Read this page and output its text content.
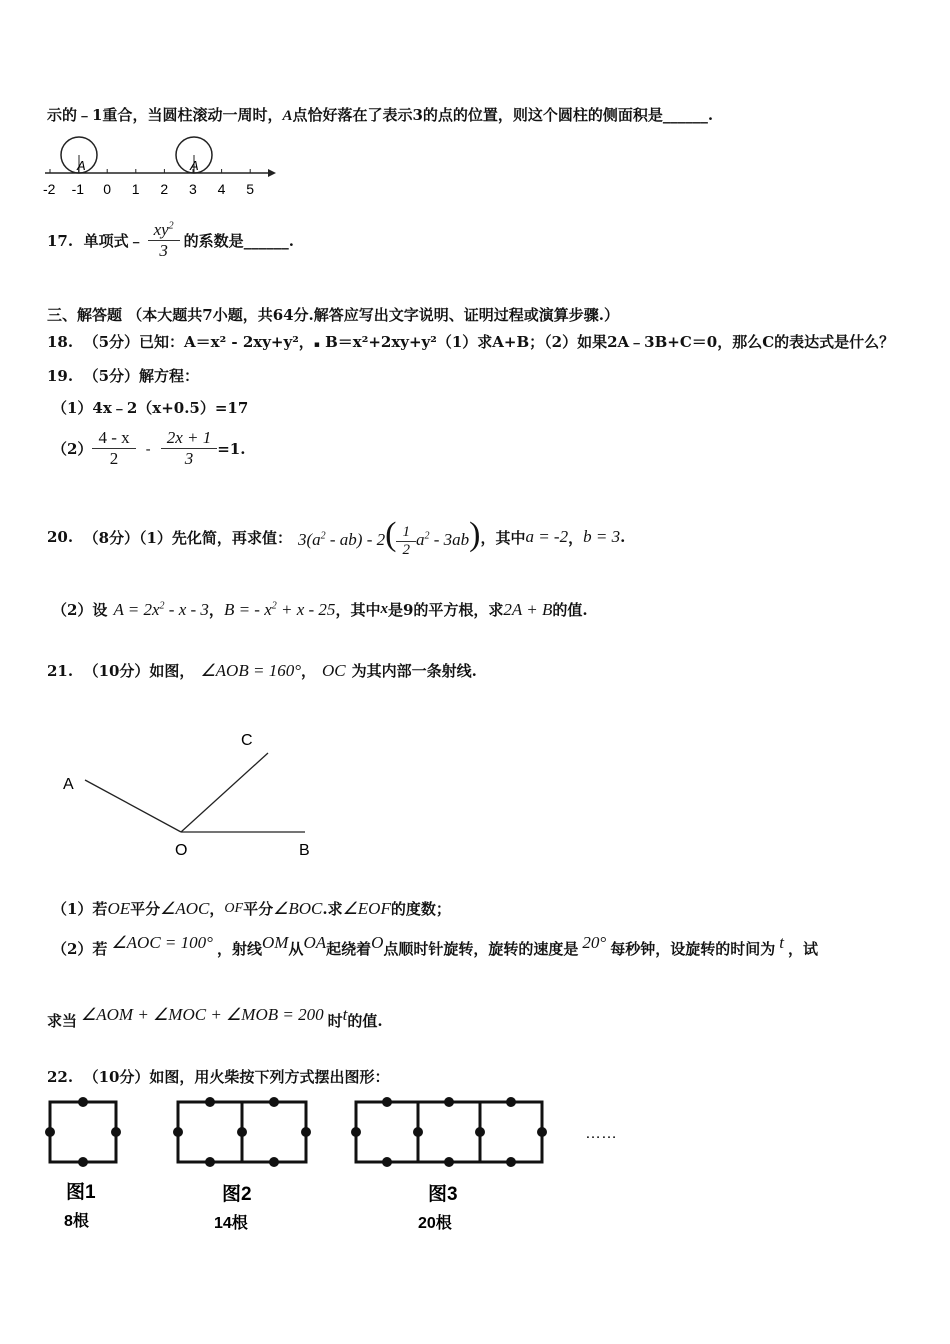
示的﹣1重合，当圆柱滚动一周时，A点恰好落在了表示3的点的位置，则这个圆柱的侧面积是______.
A	A
-2 -1 0 1 2 3 4 5
17.
单项式﹣ $\frac{xy^2}{3}$ 的系数是 ______ .
三、解答题 （本大题共7小题，共64分.解答应写出文字说明、证明过程或演算步骤.）
18. （5分）已知：A＝x² - 2xy+y²，▪ B＝x²+2xy+y²（1）求A+B；（2）如果2A﹣3B+C＝0，那么C的表达式是什么？
19. （5分）解方程：
（1）4x﹣2（x+0.5）=17
$(2) \frac{4 - x}{2} - \frac{2x + 1}{3} =1$.
20.
（8分）（1）先化简，再求值： $3(a^2 - ab) - 2( \frac{1}{2} a^2 - 3ab)$ ，其中 a = -2 ， b = 3 .
（2）设 $A = 2x^2 - x - 3$ ， B = - $x^2 + x - 25$ ，其中 x 是9的平方根，求 2A + B 的值.
21.
（10分）如图， ∠AOB = 160° ， OC 为其内部一条射线.
A
C
O	B
（1）若 OE 平分 ∠AOC ， OF 平分 ∠BOC .求 ∠EOF 的度数；
（2）若 ∠AOC = 100° ，射线 OM 从 OA 起绕着 O 点顺时针旋转，旋转的速度是 20° 每秒钟，设旋转的时间为 t ，试
求当 ∠AOM + ∠MOC + ∠MOB = 200 时 t 的值.
22. （10分）如图，用火柴按下列方式摆出图形：
……
图1
8根
图2
14根
图3
20根
